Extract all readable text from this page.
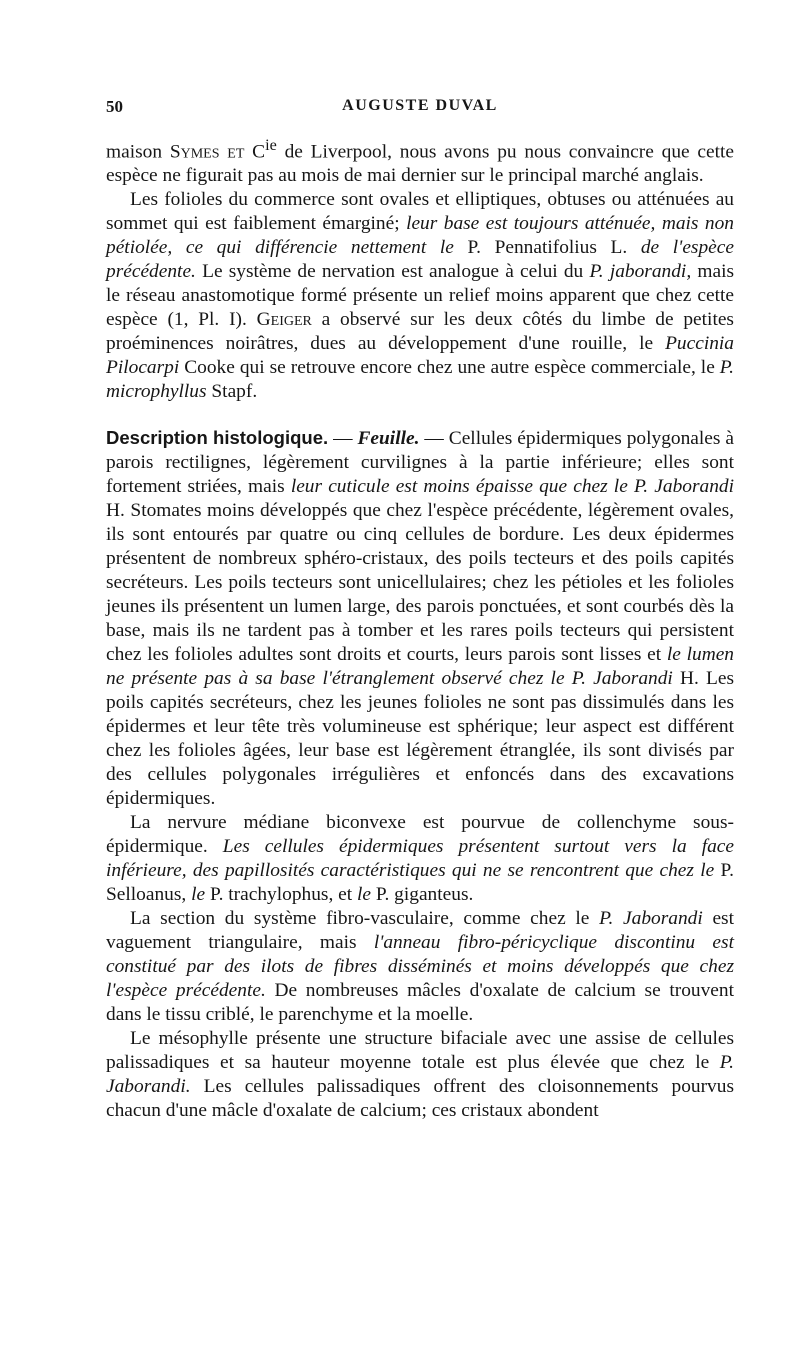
50	AUGUSTE DUVAL

maison Symes et $C^{ie}$ de Liverpool, nous avons pu nous convaincre que cette espèce ne figurait pas au mois de mai dernier sur le principal marché anglais.

Les folioles du commerce sont ovales et elliptiques, obtuses ou atténuées au sommet qui est faiblement émarginé; leur base est toujours atténuée, mais non pétiolée, ce qui différencie nettement le P. Pennatifolius L. de l'espèce précédente. Le système de nervation est analogue à celui du P. jaborandi, mais le réseau anastomotique formé présente un relief moins apparent que chez cette espèce (1, Pl. I). Geiger a observé sur les deux côtés du limbe de petites proéminences noirâtres, dues au développement d'une rouille, le Puccinia Pilocarpi Cooke qui se retrouve encore chez une autre espèce commerciale, le P. microphyllus Stapf.

Description histologique. — Feuille. — Cellules épidermiques polygonales à parois rectilignes, légèrement curvilignes à la partie inférieure; elles sont fortement striées, mais leur cuticule est moins épaisse que chez le P. Jaborandi H. Stomates moins développés que chez l'espèce précédente, légèrement ovales, ils sont entourés par quatre ou cinq cellules de bordure. Les deux épidermes présentent de nombreux sphéro-cristaux, des poils tecteurs et des poils capités secréteurs. Les poils tecteurs sont unicellulaires; chez les pétioles et les folioles jeunes ils présentent un lumen large, des parois ponctuées, et sont courbés dès la base, mais ils ne tardent pas à tomber et les rares poils tecteurs qui persistent chez les folioles adultes sont droits et courts, leurs parois sont lisses et le lumen ne présente pas à sa base l'étranglement observé chez le P. Jaborandi H. Les poils capités secréteurs, chez les jeunes folioles ne sont pas dissimulés dans les épidermes et leur tête très volumineuse est sphérique; leur aspect est différent chez les folioles âgées, leur base est légèrement étranglée, ils sont divisés par des cellules polygonales irrégulières et enfoncés dans des excavations épidermiques.

La nervure médiane biconvexe est pourvue de collenchyme sous-épidermique. Les cellules épidermiques présentent surtout vers la face inférieure, des papillosités caractéristiques qui ne se rencontrent que chez le P. Selloanus, le P. trachylophus, et le P. giganteus.

La section du système fibro-vasculaire, comme chez le P. Jaborandi est vaguement triangulaire, mais l'anneau fibro-péricyclique discontinu est constitué par des ilots de fibres disséminés et moins développés que chez l'espèce précédente. De nombreuses mâcles d'oxalate de calcium se trouvent dans le tissu criblé, le parenchyme et la moelle.

Le mésophylle présente une structure bifaciale avec une assise de cellules palissadiques et sa hauteur moyenne totale est plus élevée que chez le P. Jaborandi. Les cellules palissadiques offrent des cloisonnements pourvus chacun d'une mâcle d'oxalate de calcium; ces cristaux abondent
